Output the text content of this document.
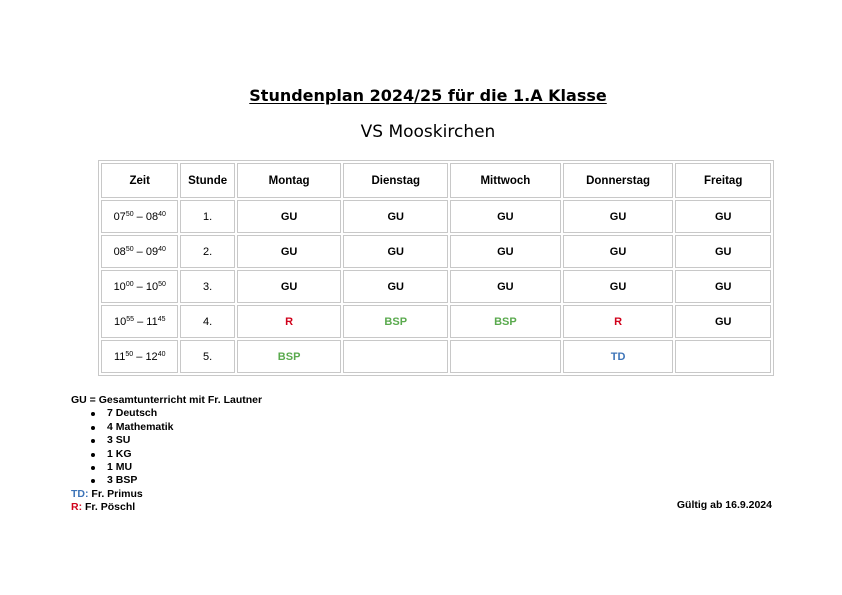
Stundenplan 2024/25 für die 1.A Klasse
VS Mooskirchen
Zeit	Stunde	Montag	Dienstag	Mittwoch	Donnerstag	Freitag
$07^{50} - 08^{40}$	1.	GU	GU	GU	GU	GU
$08^{50} - 09^{40}$	2.	GU	GU	GU	GU	GU
$10^{00} - 10^{50}$	3.	GU	GU	GU	GU	GU
$10^{55} - 11^{45}$	4.	R	BSP	BSP	R	GU
$11^{50} - 12^{40}$	5.	BSP			TD	
GU = Gesamtunterricht mit Fr. Lautner
7 Deutsch
4 Mathematik
3 SU
1 KG
1 MU
3 BSP
TD: Fr. Primus
R: Fr. Pöschl	Gültig ab 16.9.2024
